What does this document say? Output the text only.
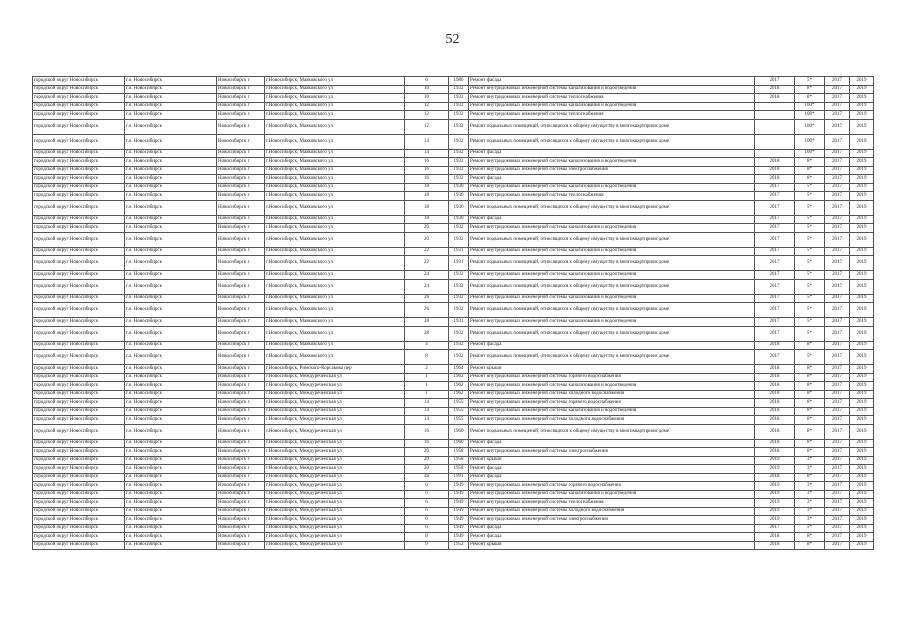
52
городской округ Новосибирск	г.о. Новосибирск	Новосибирск г	г.Новосибирск, Маяковского ул	6	1986	Ремонт фасада	2017	5*	2017	2019
городской округ Новосибирск	г.о. Новосибирск	Новосибирск г	г.Новосибирск, Маяковского ул	10	1932	Ремонт внутридомовых инженерной системы канализования и водоотведения	2018	8*	2017	2019
городской округ Новосибирск	г.о. Новосибирск	Новосибирск г	г.Новосибирск, Маяковского ул	10	1932	Ремонт внутридомовых инженерной системы теплоснабжения	2018	8*	2017	2019
городской округ Новосибирск	г.о. Новосибирск	Новосибирск г	г.Новосибирск, Маяковского ул	12	1932	Ремонт внутридомовых инженерной системы канализования и водоотведения		100*	2017	2019
городской округ Новосибирск	г.о. Новосибирск	Новосибирск г	г.Новосибирск, Маяковского ул	12	1932	Ремонт внутридомовых инженерной системы теплоснабжения		100*	2017	2019
городской округ Новосибирск	г.о. Новосибирск	Новосибирск г	г.Новосибирск, Маяковского ул	12	1932	Ремонт подвальных помещений, относящихся к общему имуществу в многоквартирном доме		100*	2017	2019
городской округ Новосибирск	г.о. Новосибирск	Новосибирск г	г.Новосибирск, Маяковского ул	14	1932	Ремонт подвальных помещений, относящихся к общему имуществу в многоквартирном доме		100*	2017	2019
городской округ Новосибирск	г.о. Новосибирск	Новосибирск г	г.Новосибирск, Маяковского ул	14	1932	Ремонт фасада		100*	2017	2019
городской округ Новосибирск	г.о. Новосибирск	Новосибирск г	г.Новосибирск, Маяковского ул	16	1932	Ремонт внутридомовых инженерной системы канализования и водоотведения	2018	8*	2017	2019
городской округ Новосибирск	г.о. Новосибирск	Новосибирск г	г.Новосибирск, Маяковского ул	16	1932	Ремонт внутридомовых инженерной системы электроснабжения	2018	8*	2017	2019
городской округ Новосибирск	г.о. Новосибирск	Новосибирск г	г.Новосибирск, Маяковского ул	16	1932	Ремонт фасада	2018	8*	2017	2019
городской округ Новосибирск	г.о. Новосибирск	Новосибирск г	г.Новосибирск, Маяковского ул	18	1930	Ремонт внутридомовых инженерной системы канализования и водоотведения	2017	5*	2017	2019
городской округ Новосибирск	г.о. Новосибирск	Новосибирск г	г.Новосибирск, Маяковского ул	18	1930	Ремонт внутридомовых инженерной системы теплоснабжения	2017	5*	2017	2019
городской округ Новосибирск	г.о. Новосибирск	Новосибирск г	г.Новосибирск, Маяковского ул	18	1930	Ремонт подвальных помещений, относящихся к общему имуществу в многоквартирном доме	2017	5*	2017	2019
городской округ Новосибирск	г.о. Новосибирск	Новосибирск г	г.Новосибирск, Маяковского ул	18	1930	Ремонт фасада	2017	5*	2017	2019
городской округ Новосибирск	г.о. Новосибирск	Новосибирск г	г.Новосибирск, Маяковского ул	20	1932	Ремонт внутридомовых инженерной системы канализования и водоотведения	2017	5*	2017	2019
городской округ Новосибирск	г.о. Новосибирск	Новосибирск г	г.Новосибирск, Маяковского ул	20	1932	Ремонт подвальных помещений, относящихся к общему имуществу в многоквартирном доме	2017	5*	2017	2019
городской округ Новосибирск	г.о. Новосибирск	Новосибирск г	г.Новосибирск, Маяковского ул	22	1931	Ремонт внутридомовых инженерной системы канализования и водоотведения	2017	5*	2017	2019
городской округ Новосибирск	г.о. Новосибирск	Новосибирск г	г.Новосибирск, Маяковского ул	22	1931	Ремонт подвальных помещений, относящихся к общему имуществу в многоквартирном доме	2017	5*	2017	2019
городской округ Новосибирск	г.о. Новосибирск	Новосибирск г	г.Новосибирск, Маяковского ул	24	1932	Ремонт внутридомовых инженерной системы канализования и водоотведения	2017	5*	2017	2019
городской округ Новосибирск	г.о. Новосибирск	Новосибирск г	г.Новосибирск, Маяковского ул	24	1932	Ремонт подвальных помещений, относящихся к общему имуществу в многоквартирном доме	2017	5*	2017	2019
городской округ Новосибирск	г.о. Новосибирск	Новосибирск г	г.Новосибирск, Маяковского ул	26	1932	Ремонт внутридомовых инженерной системы канализования и водоотведения	2017	5*	2017	2019
городской округ Новосибирск	г.о. Новосибирск	Новосибирск г	г.Новосибирск, Маяковского ул	26	1932	Ремонт подвальных помещений, относящихся к общему имуществу в многоквартирном доме	2017	5*	2017	2019
городской округ Новосибирск	г.о. Новосибирск	Новосибирск г	г.Новосибирск, Маяковского ул	28	1931	Ремонт внутридомовых инженерной системы канализования и водоотведения	2017	5*	2017	2019
городской округ Новосибирск	г.о. Новосибирск	Новосибирск г	г.Новосибирск, Маяковского ул	28	1932	Ремонт подвальных помещений, относящихся к общему имуществу в многоквартирном доме	2017	5*	2017	2019
городской округ Новосибирск	г.о. Новосибирск	Новосибирск г	г.Новосибирск, Маяковского ул	4	1932	Ремонт фасада	2018	8*	2017	2019
городской округ Новосибирск	г.о. Новосибирск	Новосибирск г	г.Новосибирск, Маяковского ул	8	1932	Ремонт подвальных помещений, относящихся к общему имуществу в многоквартирном доме	2017	5*	2017	2019
городской округ Новосибирск	г.о. Новосибирск	Новосибирск г	г.Новосибирск, Римского-Корсакова пер	2	1964	Ремонт крыши	2018	8*	2017	2019
городской округ Новосибирск	г.о. Новосибирск	Новосибирск г	г.Новосибирск, Междуреченская ул	1	1962	Ремонт внутридомовых инженерной системы горячего водоснабжения	2018	8*	2017	2019
городской округ Новосибирск	г.о. Новосибирск	Новосибирск г	г.Новосибирск, Междуреченская ул	1	1962	Ремонт внутридомовых инженерной системы канализования и водоотведения	2018	8*	2017	2019
городской округ Новосибирск	г.о. Новосибирск	Новосибирск г	г.Новосибирск, Междуреченская ул	1	1962	Ремонт внутридомовых инженерной системы холодного водоснабжения	2018	8*	2017	2019
городской округ Новосибирск	г.о. Новосибирск	Новосибирск г	г.Новосибирск, Междуреченская ул	14	1955	Ремонт внутридомовых инженерной системы горячего водоснабжения	2018	8*	2017	2019
городской округ Новосибирск	г.о. Новосибирск	Новосибирск г	г.Новосибирск, Междуреченская ул	14	1955	Ремонт внутридомовых инженерной системы канализования и водоотведения	2018	8*	2017	2019
городской округ Новосибирск	г.о. Новосибирск	Новосибирск г	г.Новосибирск, Междуреченская ул	14	1955	Ремонт внутридомовых инженерной системы холодного водоснабжения	2018	8*	2017	2019
городской округ Новосибирск	г.о. Новосибирск	Новосибирск г	г.Новосибирск, Междуреченская ул	16	1960	Ремонт подвальных помещений, относящихся к общему имуществу в многоквартирном доме	2018	8*	2017	2019
городской округ Новосибирск	г.о. Новосибирск	Новосибирск г	г.Новосибирск, Междуреченская ул	16	1960	Ремонт фасада	2018	8*	2017	2019
городской округ Новосибирск	г.о. Новосибирск	Новосибирск г	г.Новосибирск, Междуреченская ул	20	1958	Ремонт внутридомовых инженерной системы электроснабжения	2018	8*	2017	2019
городской округ Новосибирск	г.о. Новосибирск	Новосибирск г	г.Новосибирск, Междуреченская ул	20	1958	Ремонт крыши	2019	3*	2017	2019
городской округ Новосибирск	г.о. Новосибирск	Новосибирск г	г.Новосибирск, Междуреченская ул	20	1958	Ремонт фасада	2019	3*	2017	2019
городской округ Новосибирск	г.о. Новосибирск	Новосибирск г	г.Новосибирск, Междуреченская ул	4а	1991	Ремонт фасада	2018	8*	2017	2019
городской округ Новосибирск	г.о. Новосибирск	Новосибирск г	г.Новосибирск, Междуреченская ул	6	1949	Ремонт внутридомовых инженерной системы горячего водоснабжения	2019	3*	2017	2019
городской округ Новосибирск	г.о. Новосибирск	Новосибирск г	г.Новосибирск, Междуреченская ул	6	1949	Ремонт внутридомовых инженерной системы канализования и водоотведения	2019	3*	2017	2019
городской округ Новосибирск	г.о. Новосибирск	Новосибирск г	г.Новосибирск, Междуреченская ул	6	1949	Ремонт внутридомовых инженерной системы теплоснабжения	2019	3*	2017	2019
городской округ Новосибирск	г.о. Новосибирск	Новосибирск г	г.Новосибирск, Междуреченская ул	6	1949	Ремонт внутридомовых инженерной системы холодного водоснабжения	2019	3*	2017	2019
городской округ Новосибирск	г.о. Новосибирск	Новосибирск г	г.Новосибирск, Междуреченская ул	6	1949	Ремонт внутридомовых инженерной системы электроснабжения	2019	3*	2017	2019
городской округ Новосибирск	г.о. Новосибирск	Новосибирск г	г.Новосибирск, Междуреченская ул	6	1949	Ремонт фасада	2017	5*	2017	2019
городской округ Новосибирск	г.о. Новосибирск	Новосибирск г	г.Новосибирск, Междуреченская ул	8	1949	Ремонт фасада	2018	8*	2017	2019
городской округ Новосибирск	г.о. Новосибирск	Новосибирск г	г.Новосибирск, Междуреченская ул	9	1952	Ремонт крыши	2018	8*	2017	2019
